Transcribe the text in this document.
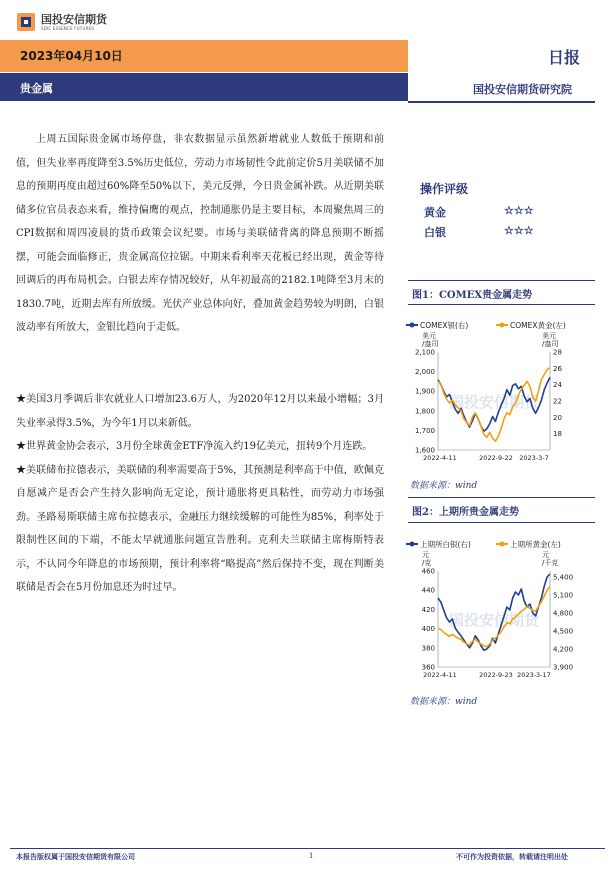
国投安信期货
SDIC ESSENCE FUTURES
2023年04月10日
贵金属
日报
国投安信期货研究院

上周五国际贵金属市场停盘，非农数据显示虽然新增就业人数低于预期和前值，但失业率再度降至3.5%历史低位，劳动力市场韧性令此前定价5月美联储不加息的预期再度由超过60%降至50%以下，美元反弹，今日贵金属补跌。从近期美联储多位官员表态来看，维持偏鹰的观点，控制通胀仍是主要目标，本周聚焦周三的CPI数据和周四凌晨的货币政策会议纪要。市场与美联储背离的降息预期不断摇摆，可能会面临修正，贵金属高位拉锯。中期来看利率天花板已经出现，黄金等待回调后的再布局机会。白银去库存情况较好，从年初最高的2182.1吨降至3月末的1830.7吨，近期去库有所放缓。光伏产业总体向好，叠加黄金趋势较为明朗，白银波动率有所放大，金银比趋向于走低。

★美国3月季调后非农就业人口增加23.6万人，为2020年12月以来最小增幅；3月失业率录得3.5%，为今年1月以来新低。

★世界黄金协会表示，3月份全球黄金ETF净流入约19亿美元，扭转9个月连跌。

★美联储布拉德表示，美联储的利率需要高于5%，其预测是利率高于中值，欧佩克自愿减产是否会产生持久影响尚无定论，预计通胀将更具粘性，而劳动力市场强劲。圣路易斯联储主席布拉德表示，金融压力继续缓解的可能性为85%，利率处于限制性区间的下端，不能太早就通胀问题宣告胜利。克利夫兰联储主席梅斯特表示，不认同今年降息的市场预期，预计利率将“略提高”然后保持不变，现在判断美联储是否会在5月份加息还为时过早。

操作评级
黄金	☆☆☆
白银	☆☆☆
图1：COMEX贵金属走势
国投安信期货
COMEX银(右)	COMEX黄金(左)
美元
/盎司
美元
/盎司
1,600
1,700
1,800
1,900
2,000
2,100
18
20
22
24
26
28
2022-4-11	2022-9-22 2023-3-7
数据来源：wind
图2：上期所贵金属走势
国投安信期货
上期所白银(右)	上期所黄金(左)
元
/克
元
/千克
360
380
400
420
440
460
3,900
4,200
4,500
4,800
5,100
5,400
2022-4-11	2022-9-23 2023-3-17
数据来源：wind
本报告版权属于国投安信期货有限公司	1	不可作为投资依据，转载请注明出处
